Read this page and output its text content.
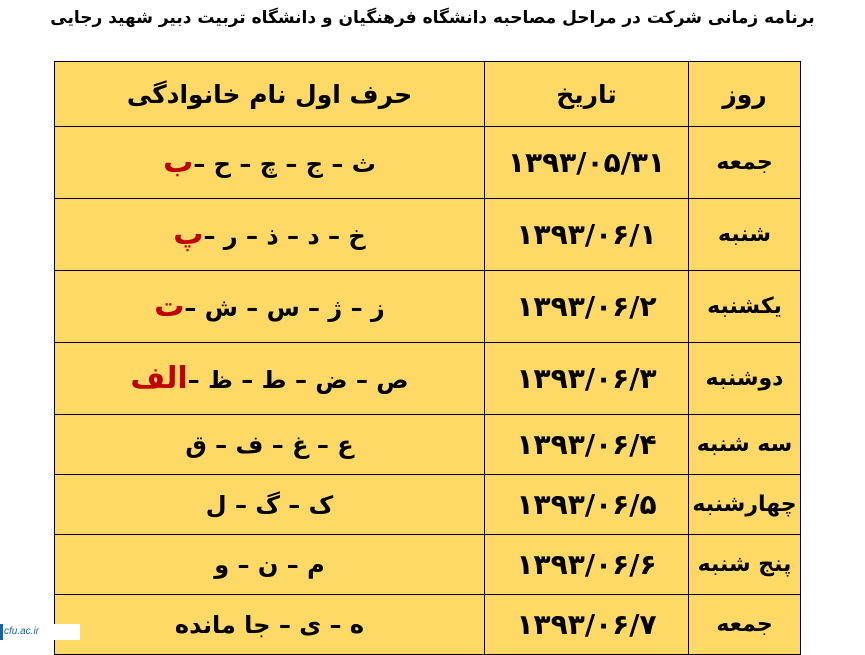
برنامه زمانی شرکت در مراحل مصاحبه دانشگاه فرهنگیان و دانشگاه تربیت دبیر شهید رجایی
روز	تاریخ	حرف اول نام خانوادگی
جمعه	۱۳۹۳/۰۵/۳۱	ث – ج – چ – ح –ب
شنبه	۱۳۹۳/۰۶/۱	خ – د – ذ – ر –پ
یکشنبه	۱۳۹۳/۰۶/۲	ز – ژ – س – ش –ت
دوشنبه	۱۳۹۳/۰۶/۳	ص – ض – ط – ظ –الف
سه شنبه	۱۳۹۳/۰۶/۴	ع – غ – ف – ق
چهارشنبه	۱۳۹۳/۰۶/۵	ک – گ – ل
پنج شنبه	۱۳۹۳/۰۶/۶	م – ن – و
جمعه	۱۳۹۳/۰۶/۷	ه – ی – جا مانده
cfu.ac.ir
